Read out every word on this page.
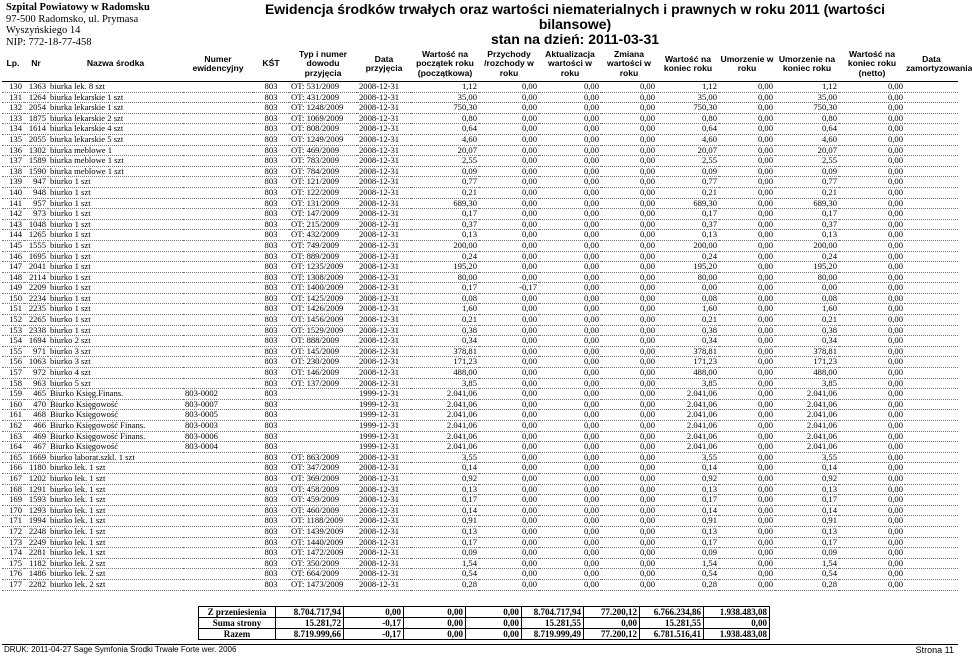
Szpital Powiatowy w Radomsku
97-500 Radomsko, ul. Prymasa
Wyszyńskiego 14
NIP: 772-18-77-458
Ewidencja środków trwałych oraz wartości niematerialnych i prawnych w roku 2011 (wartości bilansowe)
stan na dzień: 2011-03-31
Lp.	Nr	Nazwa środka	Numer ewidencyjny	KŚT	Typ i numer dowodu przyjęcia	Data przyjęcia	Wartość na początek roku (początkowa)	Przychody /rozchody w roku	Aktualizacja wartości w roku	Zmiana wartości w roku	Wartość na koniec roku	Umorzenie w roku	Umorzenie na koniec roku	Wartość na koniec roku (netto)	Data zamortyzowania
130	1363	biurka lek. 8 szt		803	OT: 531/2009	2008-12-31	1,12	0,00	0,00	0,00	1,12	0,00	1,12	0,00	
131	1264	biurka lekarskie 1 szt		803	OT: 431/2009	2008-12-31	35,00	0,00	0,00	0,00	35,00	0,00	35,00	0,00	
132	2054	biurka lekarskie 1 szt		803	OT: 1248/2009	2008-12-31	750,30	0,00	0,00	0,00	750,30	0,00	750,30	0,00	
133	1875	biurka lekarskie 2 szt		803	OT: 1069/2009	2008-12-31	0,80	0,00	0,00	0,00	0,80	0,00	0,80	0,00	
134	1614	biurka lekarskie 4 szt		803	OT: 808/2009	2008-12-31	0,64	0,00	0,00	0,00	0,64	0,00	0,64	0,00	
135	2055	biurka lekarskie 5 szt		803	OT: 1249/2009	2008-12-31	4,60	0,00	0,00	0,00	4,60	0,00	4,60	0,00	
136	1302	biurka meblowe 1		803	OT: 469/2009	2008-12-31	20,07	0,00	0,00	0,00	20,07	0,00	20,07	0,00	
137	1589	biurka meblowe 1 szt		803	OT: 783/2009	2008-12-31	2,55	0,00	0,00	0,00	2,55	0,00	2,55	0,00	
138	1590	biurka meblowe 1 szt		803	OT: 784/2009	2008-12-31	0,09	0,00	0,00	0,00	0,09	0,00	0,09	0,00	
139	947	biurko 1 szt		803	OT: 121/2009	2008-12-31	0,77	0,00	0,00	0,00	0,77	0,00	0,77	0,00	
140	948	biurko 1 szt		803	OT: 122/2009	2008-12-31	0,21	0,00	0,00	0,00	0,21	0,00	0,21	0,00	
141	957	biurko 1 szt		803	OT: 131/2009	2008-12-31	689,30	0,00	0,00	0,00	689,30	0,00	689,30	0,00	
142	973	biurko 1 szt		803	OT: 147/2009	2008-12-31	0,17	0,00	0,00	0,00	0,17	0,00	0,17	0,00	
143	1048	biurko 1 szt		803	OT: 215/2009	2008-12-31	0,37	0,00	0,00	0,00	0,37	0,00	0,37	0,00	
144	1265	biurko 1 szt		803	OT: 432/2009	2008-12-31	0,13	0,00	0,00	0,00	0,13	0,00	0,13	0,00	
145	1555	biurko 1 szt		803	OT: 749/2009	2008-12-31	200,00	0,00	0,00	0,00	200,00	0,00	200,00	0,00	
146	1695	biurko 1 szt		803	OT: 889/2009	2008-12-31	0,24	0,00	0,00	0,00	0,24	0,00	0,24	0,00	
147	2041	biurko 1 szt		803	OT: 1235/2009	2008-12-31	195,20	0,00	0,00	0,00	195,20	0,00	195,20	0,00	
148	2114	biurko 1 szt		803	OT: 1308/2009	2008-12-31	80,00	0,00	0,00	0,00	80,00	0,00	80,00	0,00	
149	2209	biurko 1 szt		803	OT: 1400/2009	2008-12-31	0,17	-0,17	0,00	0,00	0,00	0,00	0,00	0,00	
150	2234	biurko 1 szt		803	OT: 1425/2009	2008-12-31	0,08	0,00	0,00	0,00	0,08	0,00	0,08	0,00	
151	2235	biurko 1 szt		803	OT: 1426/2009	2008-12-31	1,60	0,00	0,00	0,00	1,60	0,00	1,60	0,00	
152	2265	biurko 1 szt		803	OT: 1456/2009	2008-12-31	0,21	0,00	0,00	0,00	0,21	0,00	0,21	0,00	
153	2338	biurko 1 szt		803	OT: 1529/2009	2008-12-31	0,38	0,00	0,00	0,00	0,38	0,00	0,38	0,00	
154	1694	biurko 2 szt		803	OT: 888/2009	2008-12-31	0,34	0,00	0,00	0,00	0,34	0,00	0,34	0,00	
155	971	biurko 3 szt		803	OT: 145/2009	2008-12-31	378,81	0,00	0,00	0,00	378,81	0,00	378,81	0,00	
156	1063	biurko 3 szt		803	OT: 230/2009	2008-12-31	171,23	0,00	0,00	0,00	171,23	0,00	171,23	0,00	
157	972	biurko 4 szt		803	OT: 146/2009	2008-12-31	488,00	0,00	0,00	0,00	488,00	0,00	488,00	0,00	
158	963	biurko 5 szt		803	OT: 137/2009	2008-12-31	3,85	0,00	0,00	0,00	3,85	0,00	3,85	0,00	
159	465	Biurko Księg.Finans.	803-0002	803		1999-12-31	2.041,06	0,00	0,00	0,00	2.041,06	0,00	2.041,06	0,00	
160	470	Biurko Księgowość	803-0007	803		1999-12-31	2.041,06	0,00	0,00	0,00	2.041,06	0,00	2.041,06	0,00	
161	468	Biurko Księgowość	803-0005	803		1999-12-31	2.041,06	0,00	0,00	0,00	2.041,06	0,00	2.041,06	0,00	
162	466	Biurko Księgowość Finans.	803-0003	803		1999-12-31	2.041,06	0,00	0,00	0,00	2.041,06	0,00	2.041,06	0,00	
163	469	Biurko Księgowość Finans.	803-0006	803		1999-12-31	2.041,06	0,00	0,00	0,00	2.041,06	0,00	2.041,06	0,00	
164	467	Biurko Księgowość	803-0004	803		1999-12-31	2.041,06	0,00	0,00	0,00	2.041,06	0,00	2.041,06	0,00	
165	1669	biurko laborat.szkl. 1 szt		803	OT: 863/2009	2008-12-31	3,55	0,00	0,00	0,00	3,55	0,00	3,55	0,00	
166	1180	biurko lek. 1 szt		803	OT: 347/2009	2008-12-31	0,14	0,00	0,00	0,00	0,14	0,00	0,14	0,00	
167	1202	biurko lek. 1 szt		803	OT: 369/2009	2008-12-31	0,92	0,00	0,00	0,00	0,92	0,00	0,92	0,00	
168	1291	biurko lek. 1 szt		803	OT: 458/2009	2008-12-31	0,13	0,00	0,00	0,00	0,13	0,00	0,13	0,00	
169	1593	biurko lek. 1 szt		803	OT: 459/2009	2008-12-31	0,17	0,00	0,00	0,00	0,17	0,00	0,17	0,00	
170	1293	biurko lek. 1 szt		803	OT: 460/2009	2008-12-31	0,14	0,00	0,00	0,00	0,14	0,00	0,14	0,00	
171	1994	biurko lek. 1 szt		803	OT: 1188/2009	2008-12-31	0,91	0,00	0,00	0,00	0,91	0,00	0,91	0,00	
172	2248	biurko lek. 1 szt		803	OT: 1439/2009	2008-12-31	0,13	0,00	0,00	0,00	0,13	0,00	0,13	0,00	
173	2249	biurko lek. 1 szt		803	OT: 1440/2009	2008-12-31	0,17	0,00	0,00	0,00	0,17	0,00	0,17	0,00	
174	2281	biurko lek. 1 szt		803	OT: 1472/2009	2008-12-31	0,09	0,00	0,00	0,00	0,09	0,00	0,09	0,00	
175	1182	biurko lek. 2 szt		803	OT: 350/2009	2008-12-31	1,54	0,00	0,00	0,00	1,54	0,00	1,54	0,00	
176	1486	biurko lek. 2 szt		803	OT: 664/2009	2008-12-31	0,54	0,00	0,00	0,00	0,54	0,00	0,54	0,00	
177	2282	biurko lek. 2 szt		803	OT: 1473/2009	2008-12-31	0,28	0,00	0,00	0,00	0,28	0,00	0,28	0,00	
Z przeniesienia	8.704.717,94	0,00	0,00	0,00	8.704.717,94	77.200,12	6.766.234,86	1.938.483,08
Suma strony	15.281,72	-0,17	0,00	0,00	15.281,55	0,00	15.281,55	0,00
Razem	8.719.999,66	-0,17	0,00	0,00	8.719.999,49	77.200,12	6.781.516,41	1.938.483,08
DRUK: 2011-04-27 Sage Symfonia Środki Trwałe Forte wer. 2006	Strona 11
